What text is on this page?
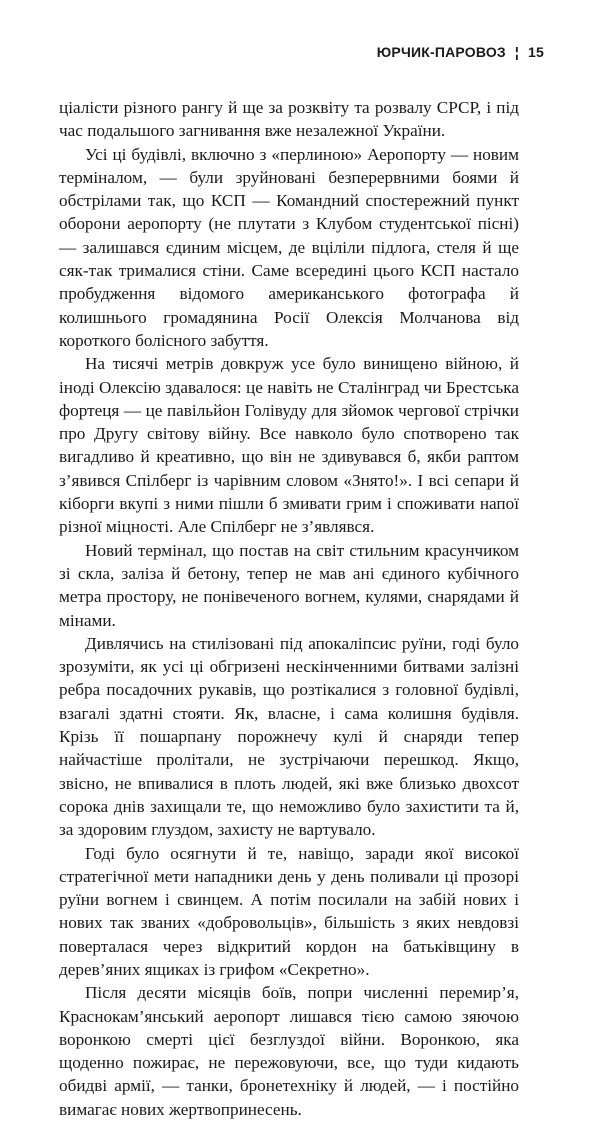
ЮРЧИК-ПАРОВОЗ ¦ 15

ціалісти різного рангу й ще за розквіту та розвалу СРСР, і під час подальшого загнивання вже незалежної України.

Усі ці будівлі, включно з «перлиною» Аеропорту — новим терміналом, — були зруйновані безперервними боями й обстрілами так, що КСП — Командний спостережний пункт оборони аеропорту (не плутати з Клубом студентської пісні) — залишався єдиним місцем, де вціліли підлога, стеля й ще сяк-так трималися стіни. Саме всередині цього КСП настало пробудження відомого американського фотографа й колишнього громадянина Росії Олексія Молчанова від короткого болісного забуття.

На тисячі метрів довкруж усе було винищено війною, й іноді Олексію здавалося: це навіть не Сталінград чи Брестська фортеця — це павільйон Голівуду для зйомок чергової стрічки про Другу світову війну. Все навколо було спотворено так вигадливо й креативно, що він не здивувався б, якби раптом з’явився Спілберг із чарівним словом «Знято!». І всі сепари й кіборги вкупі з ними пішли б змивати грим і споживати напої різної міцності. Але Спілберг не з’являвся.

Новий термінал, що постав на світ стильним красунчиком зі скла, заліза й бетону, тепер не мав ані єдиного кубічного метра простору, не понівеченого вогнем, кулями, снарядами й мінами.

Дивлячись на стилізовані під апокаліпсис руїни, годі було зрозуміти, як усі ці обгризені нескінченними битвами залізні ребра посадочних рукавів, що розтікалися з головної будівлі, взагалі здатні стояти. Як, власне, і сама колишня будівля. Крізь її пошарпану порожнечу кулі й снаряди тепер найчастіше пролітали, не зустрічаючи перешкод. Якщо, звісно, не впивалися в плоть людей, які вже близько двохсот сорока днів захищали те, що неможливо було захистити та й, за здоровим глуздом, захисту не вартувало.

Годі було осягнути й те, навіщо, заради якої високої стратегічної мети нападники день у день поливали ці прозорі руїни вогнем і свинцем. А потім посилали на забій нових і нових так званих «добровольців», більшість з яких невдовзі поверталася через відкритий кордон на батьківщину в дерев’яних ящиках із грифом «Секретно».

Після десяти місяців боїв, попри численні перемир’я, Краснокам’янський аеропорт лишався тією самою зяючою воронкою смерті цієї безглуздої війни. Воронкою, яка щоденно пожирає, не пережовуючи, все, що туди кидають обидві армії, — танки, бронетехніку й людей, — і постійно вимагає нових жертвопринесень.
